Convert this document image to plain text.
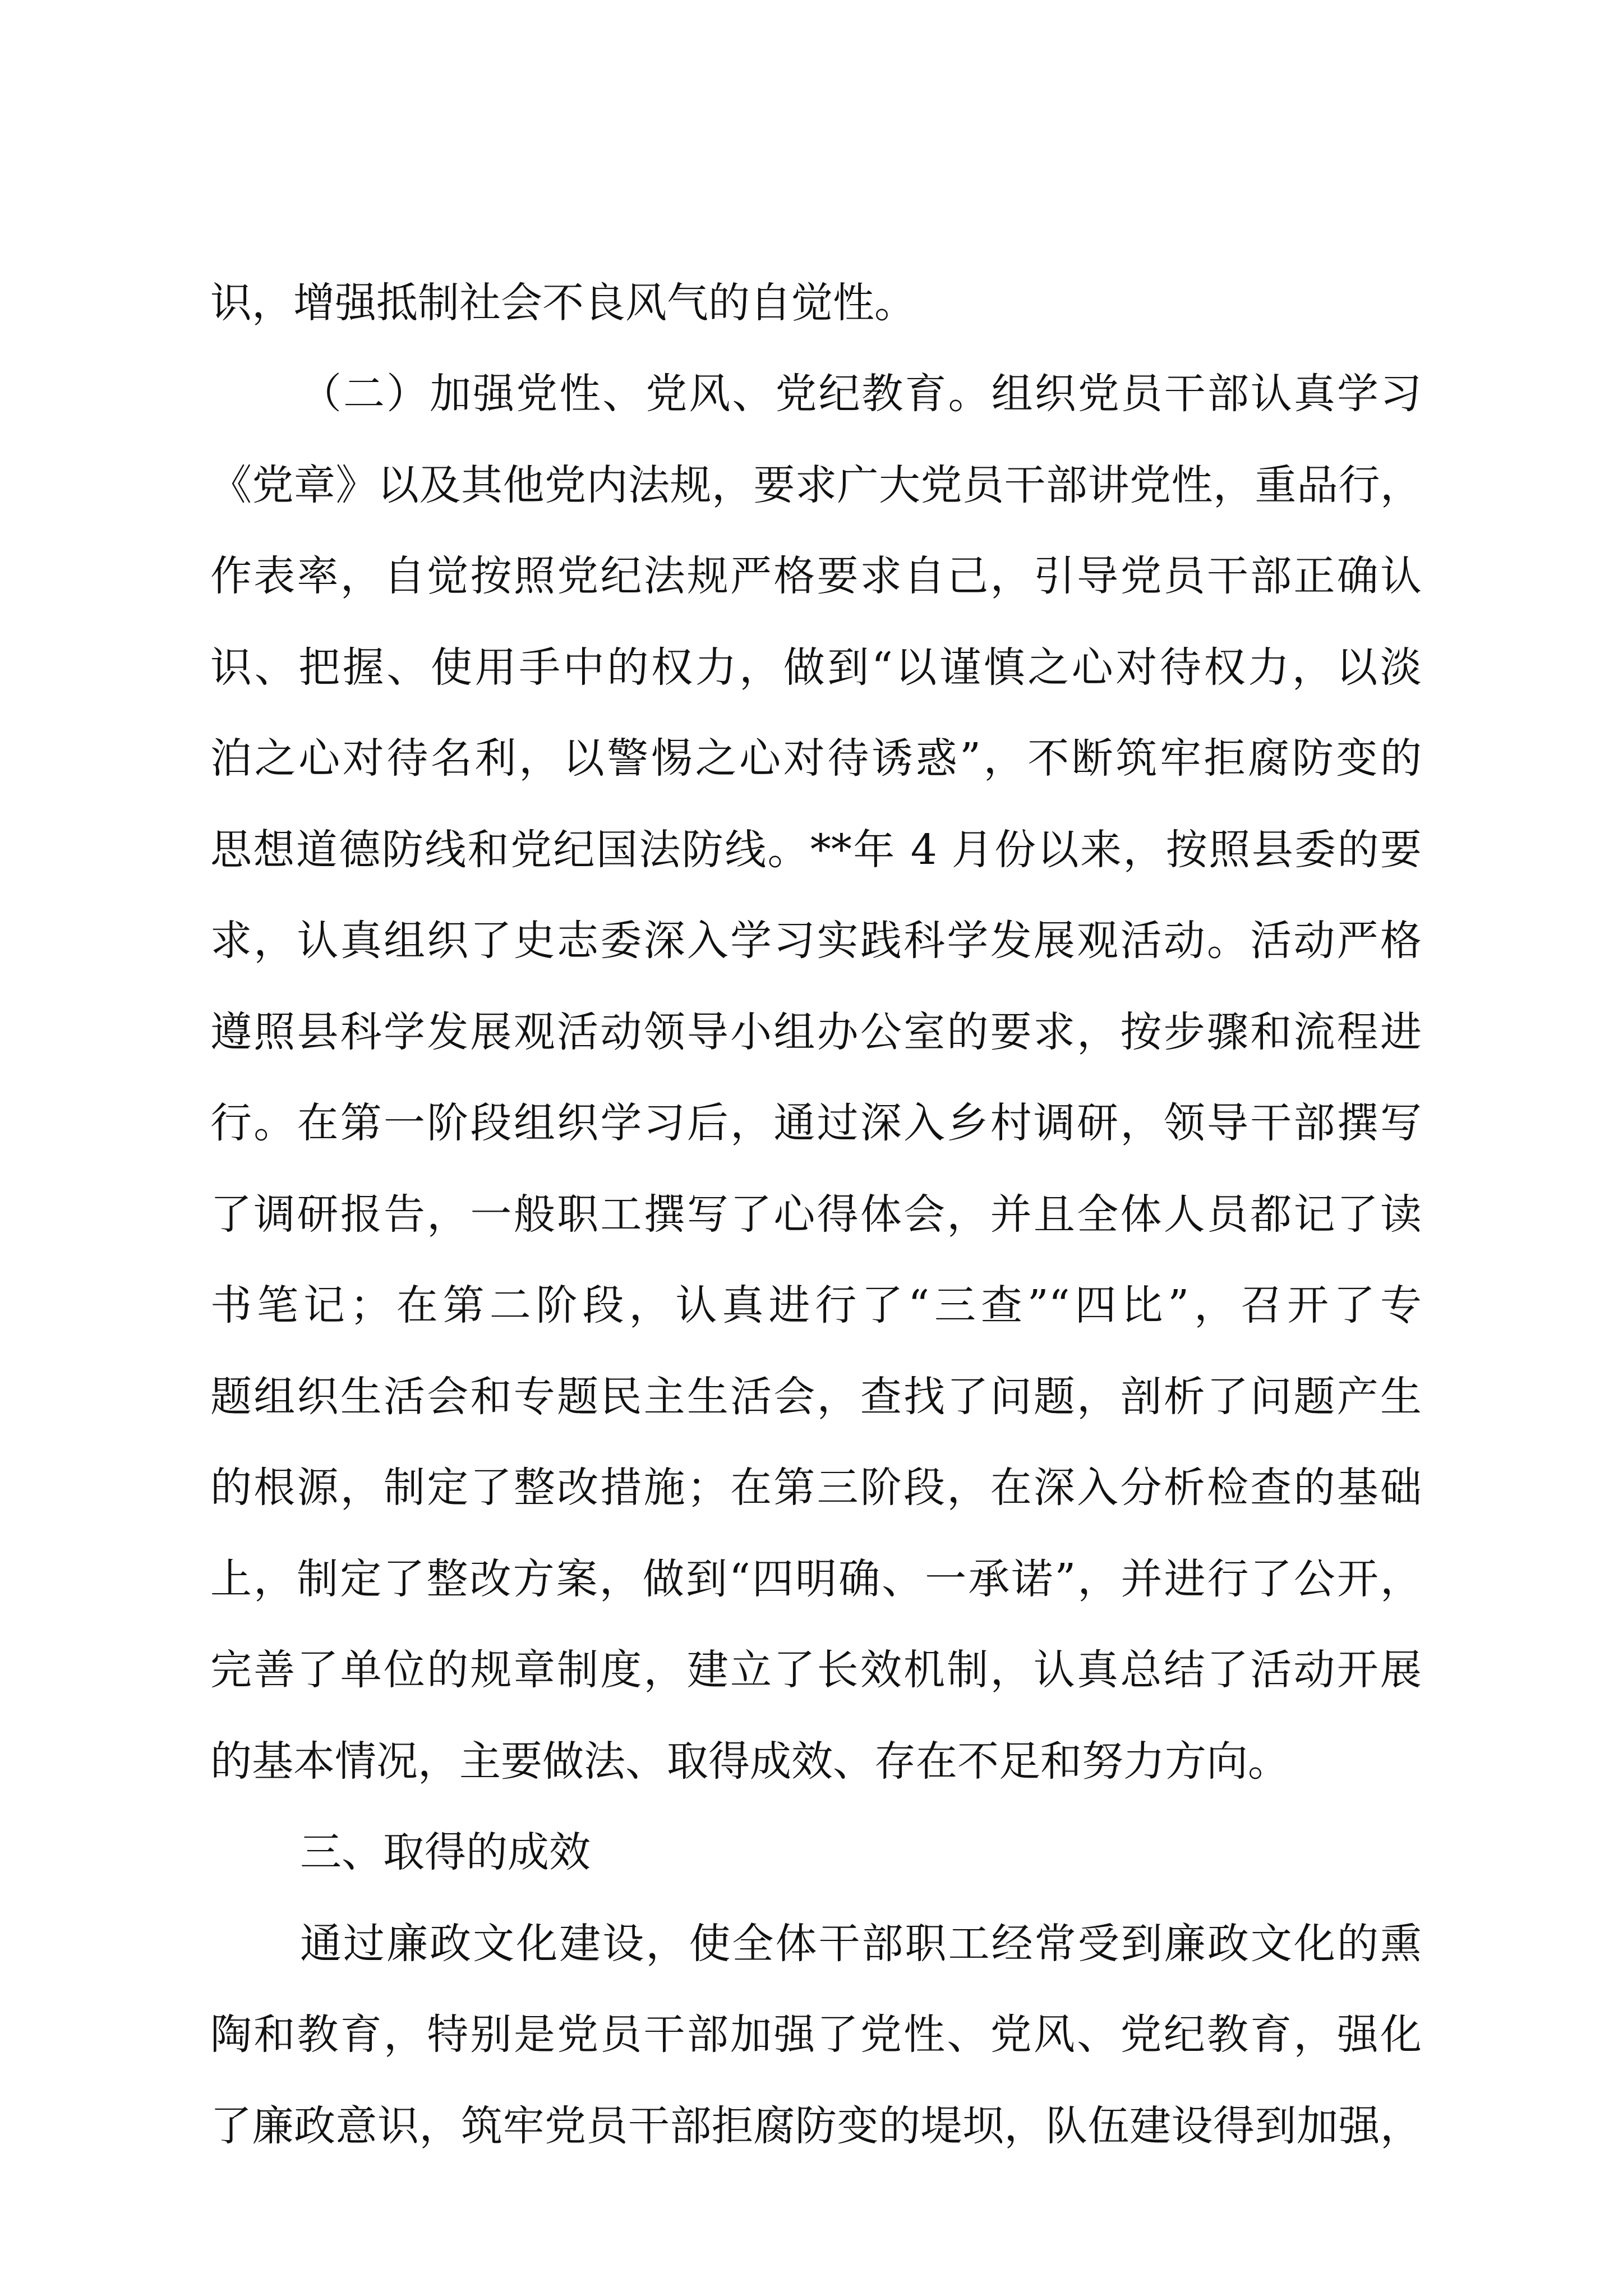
识，增强抵制社会不良风气的自觉性。
（二）加强党性、党风、党纪教育。组织党员干部认真学习
《党章》以及其他党内法规，要求广大党员干部讲党性，重品行，
作表率，自觉按照党纪法规严格要求自己，引导党员干部正确认
识、把握、使用手中的权力，做到“以谨慎之心对待权力，以淡
泊之心对待名利，以警惕之心对待诱惑”，不断筑牢拒腐防变的
思想道德防线和党纪国法防线。**年 4 月份以来，按照县委的要
求，认真组织了史志委深入学习实践科学发展观活动。活动严格
遵照县科学发展观活动领导小组办公室的要求，按步骤和流程进
行。在第一阶段组织学习后，通过深入乡村调研，领导干部撰写
了调研报告，一般职工撰写了心得体会，并且全体人员都记了读
书笔记；在第二阶段，认真进行了“三查”“四比”，召开了专
题组织生活会和专题民主生活会，查找了问题，剖析了问题产生
的根源，制定了整改措施；在第三阶段，在深入分析检查的基础
上，制定了整改方案，做到“四明确、一承诺”，并进行了公开，
完善了单位的规章制度，建立了长效机制，认真总结了活动开展
的基本情况，主要做法、取得成效、存在不足和努力方向。
三、取得的成效
通过廉政文化建设，使全体干部职工经常受到廉政文化的熏
陶和教育，特别是党员干部加强了党性、党风、党纪教育，强化
了廉政意识，筑牢党员干部拒腐防变的堤坝，队伍建设得到加强，
